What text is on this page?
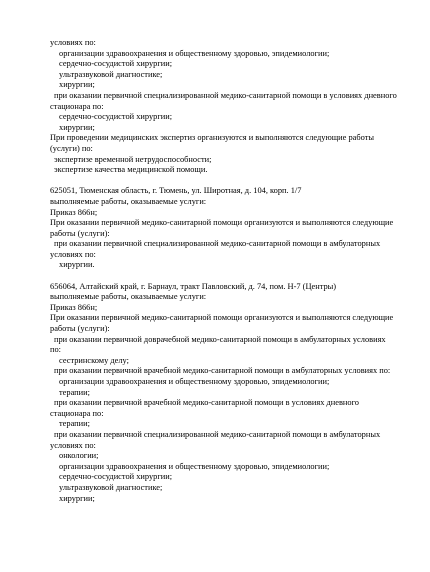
условиях по:
организации здравоохранения и общественному здоровью, эпидемиологии;
сердечно-сосудистой хирургии;
ультразвуковой диагностике;
хирургии;
при оказании первичной специализированной медико-санитарной помощи в условиях дневного
стационара по:
сердечно-сосудистой хирургии;
хирургии;
При проведении медицинских экспертиз организуются и выполняются следующие работы
(услуги) по:
экспертизе временной нетрудоспособности;
экспертизе качества медицинской помощи.
625051, Тюменская область, г. Тюмень, ул. Широтная, д. 104, корп. 1/7
выполняемые работы, оказываемые услуги:
Приказ 866н;
При оказании первичной медико-санитарной помощи организуются и выполняются следующие
работы (услуги):
при оказании первичной специализированной медико-санитарной помощи в амбулаторных
условиях по:
хирургии.
656064, Алтайский край, г. Барнаул, тракт Павловский, д. 74, пом. Н-7 (Центры)
выполняемые работы, оказываемые услуги:
Приказ 866н;
При оказании первичной медико-санитарной помощи организуются и выполняются следующие
работы (услуги):
при оказании первичной доврачебной медико-санитарной помощи в амбулаторных условиях
по:
сестринскому делу;
при оказании первичной врачебной медико-санитарной помощи в амбулаторных условиях по:
организации здравоохранения и общественному здоровью, эпидемиологии;
терапии;
при оказании первичной врачебной медико-санитарной помощи в условиях дневного
стационара по:
терапии;
при оказании первичной специализированной медико-санитарной помощи в амбулаторных
условиях по:
онкологии;
организации здравоохранения и общественному здоровью, эпидемиологии;
сердечно-сосудистой хирургии;
ультразвуковой диагностике;
хирургии;
